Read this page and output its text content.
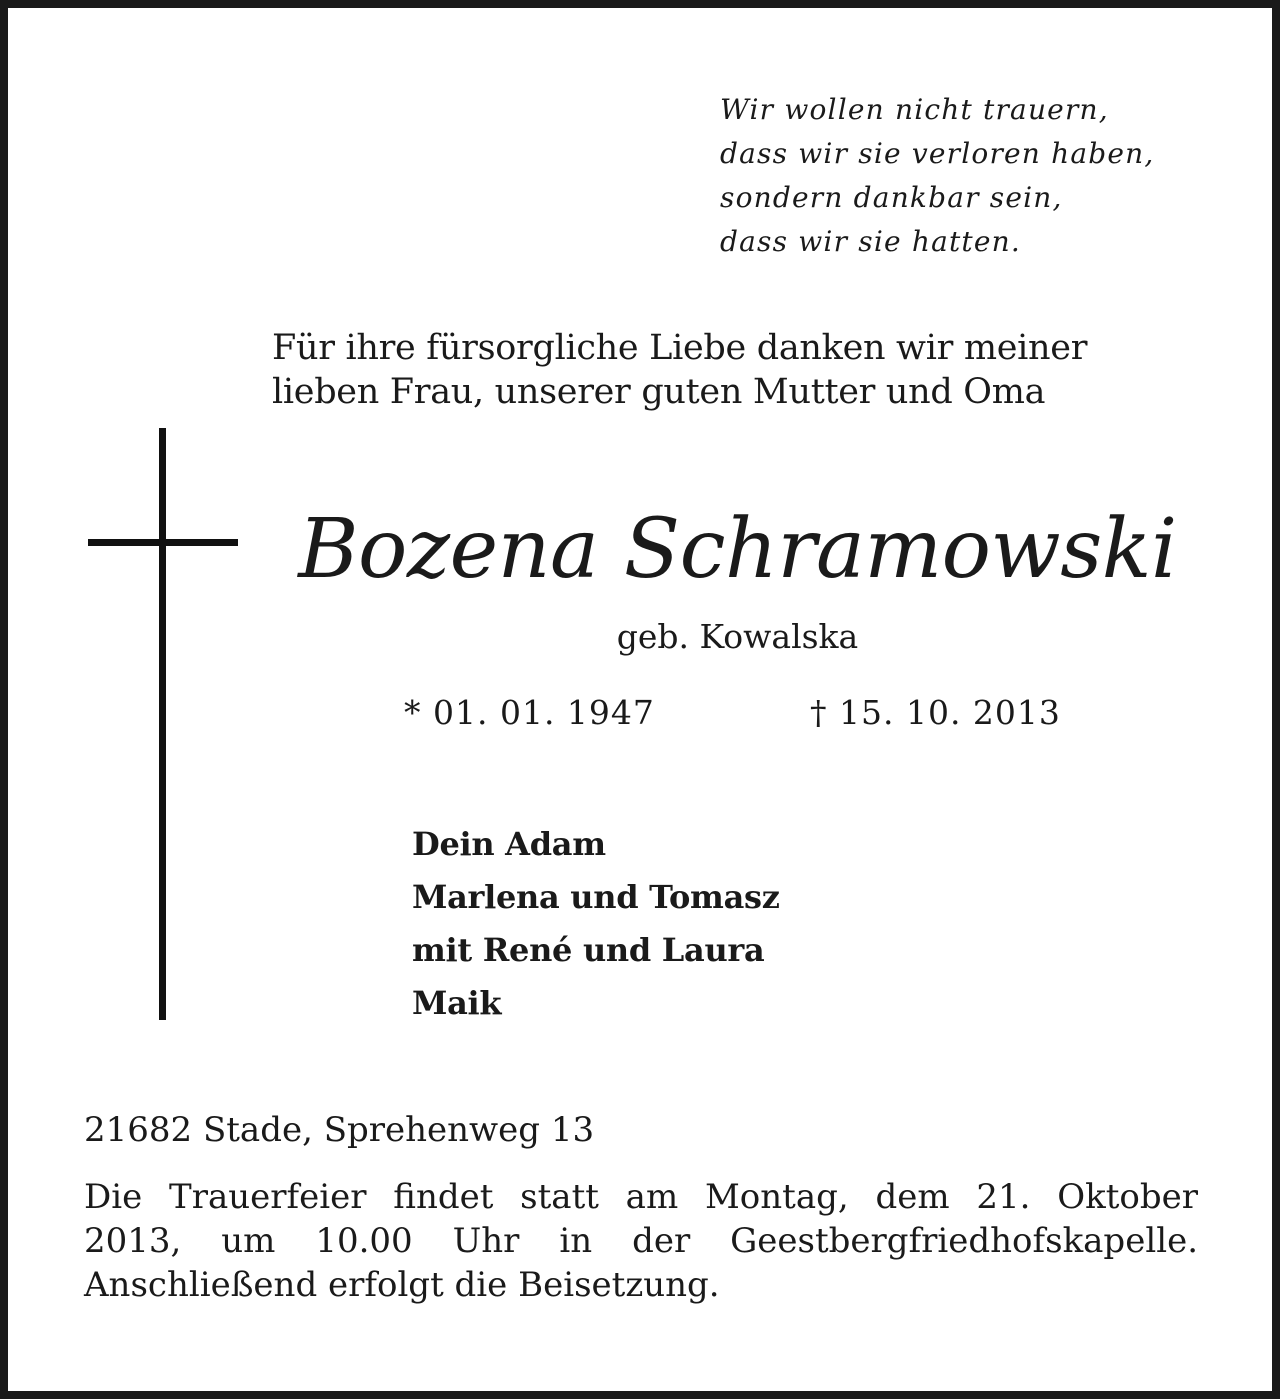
Wir wollen nicht trauern,
dass wir sie verloren haben,
sondern dankbar sein,
dass wir sie hatten.
Für ihre fürsorgliche Liebe danken wir meiner
lieben Frau, unserer guten Mutter und Oma
Bozena Schramowski
geb. Kowalska
* 01. 01. 1947	† 15. 10. 2013
Dein Adam
Marlena und Tomasz
mit René und Laura
Maik
21682 Stade, Sprehenweg 13
Die Trauerfeier findet statt am Montag, dem 21. Oktober
2013, um 10.00 Uhr in der Geestbergfriedhofskapelle.
Anschließend erfolgt die Beisetzung.
